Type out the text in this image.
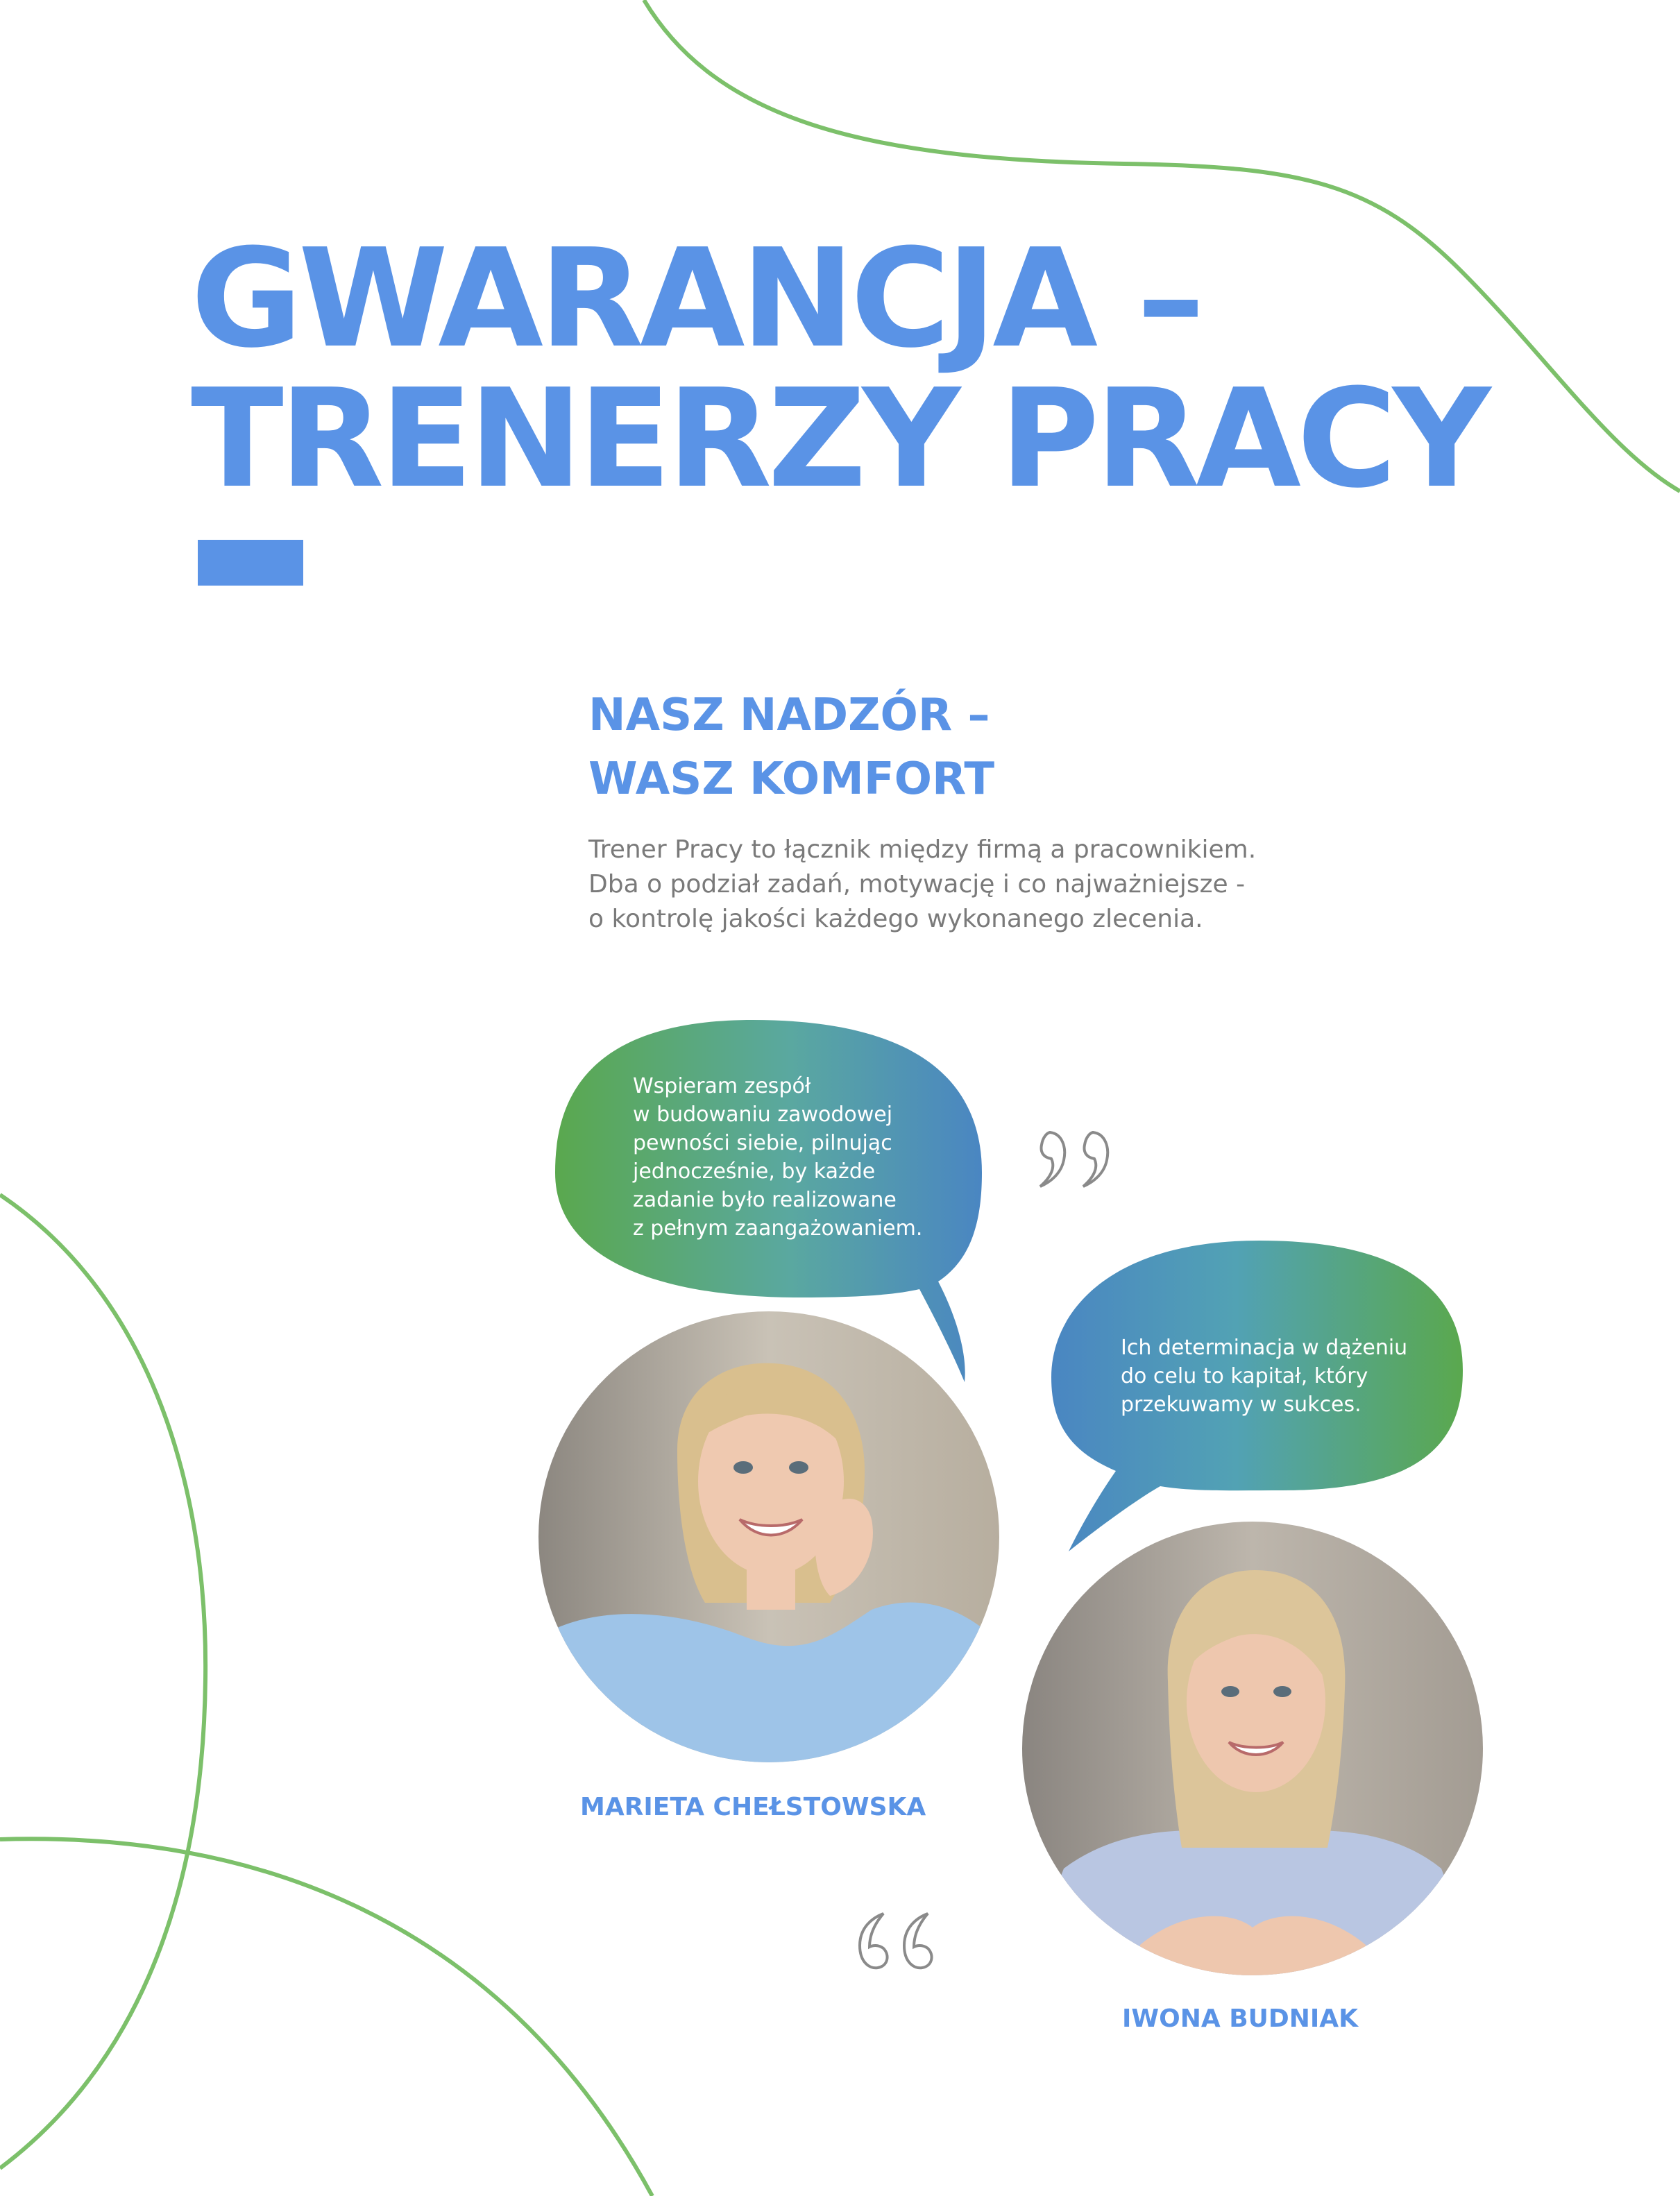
GWARANCJA –
TRENERZY PRACY
NASZ NADZÓR –
WASZ KOMFORT

Trener Pracy to łącznik między firmą a pracownikiem.
Dba o podział zadań, motywację i co najważniejsze -
o kontrolę jakości każdego wykonanego zlecenia.

Wspieram zespół
w budowaniu zawodowej
pewności siebie, pilnując
jednocześnie, by każde
zadanie było realizowane
z pełnym zaangażowaniem.

Ich determinacja w dążeniu
do celu to kapitał, który
przekuwamy w sukces.

MARIETA CHEŁSTOWSKA

IWONA BUDNIAK
